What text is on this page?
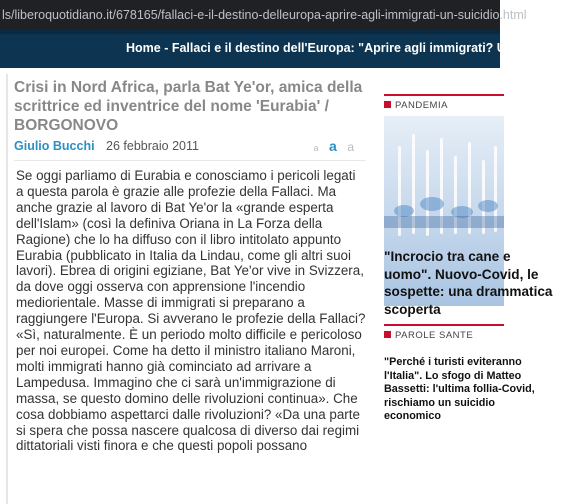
ls/liberoquotidiano.it/678165/fallaci-e-il-destino-delleuropa-aprire-agli-immigrati-un-suicidio.html
Home - Fallaci e il destino dell'Europa: "Aprire agli immigrati? Un suicidio"
Crisi in Nord Africa, parla Bat Ye'or, amica della scrittrice ed inventrice del nome 'Eurabia' / BORGONOVO
Giulio Bucchi 26 febbraio 2011	a a a

Se oggi parliamo di Eurabia e conosciamo i pericoli legati a questa parola è grazie alle profezie della Fallaci. Ma anche grazie al lavoro di Bat Ye'or la «grande esperta dell'Islam» (così la definiva Oriana in La Forza della Ragione) che lo ha diffuso con il libro intitolato appunto Eurabia (pubblicato in Italia da Lindau, come gli altri suoi lavori). Ebrea di origini egiziane, Bat Ye'or vive in Svizzera, da dove oggi osserva con apprensione l'incendio mediorientale. Masse di immigrati si preparano a raggiungere l'Europa. Si avverano le profezie della Fallaci? «Sì, naturalmente. È un periodo molto difficile e pericoloso per noi europei. Come ha detto il ministro italiano Maroni, molti immigrati hanno già cominciato ad arrivare a Lampedusa. Immagino che ci sarà un'immigrazione di massa, se questo domino delle rivoluzioni continua». Che cosa dobbiamo aspettarci dalle rivoluzioni? «Da una parte si spera che possa nascere qualcosa di diverso dai regimi dittatoriali visti finora e che questi popoli possano

PANDEMIA
"Incrocio tra cane e uomo". Nuovo-Covid, le sospette: una drammatica scoperta
PAROLE SANTE
"Perché i turisti eviteranno l'Italia". Lo sfogo di Matteo Bassetti: l'ultima follia-Covid, rischiamo un suicidio economico
